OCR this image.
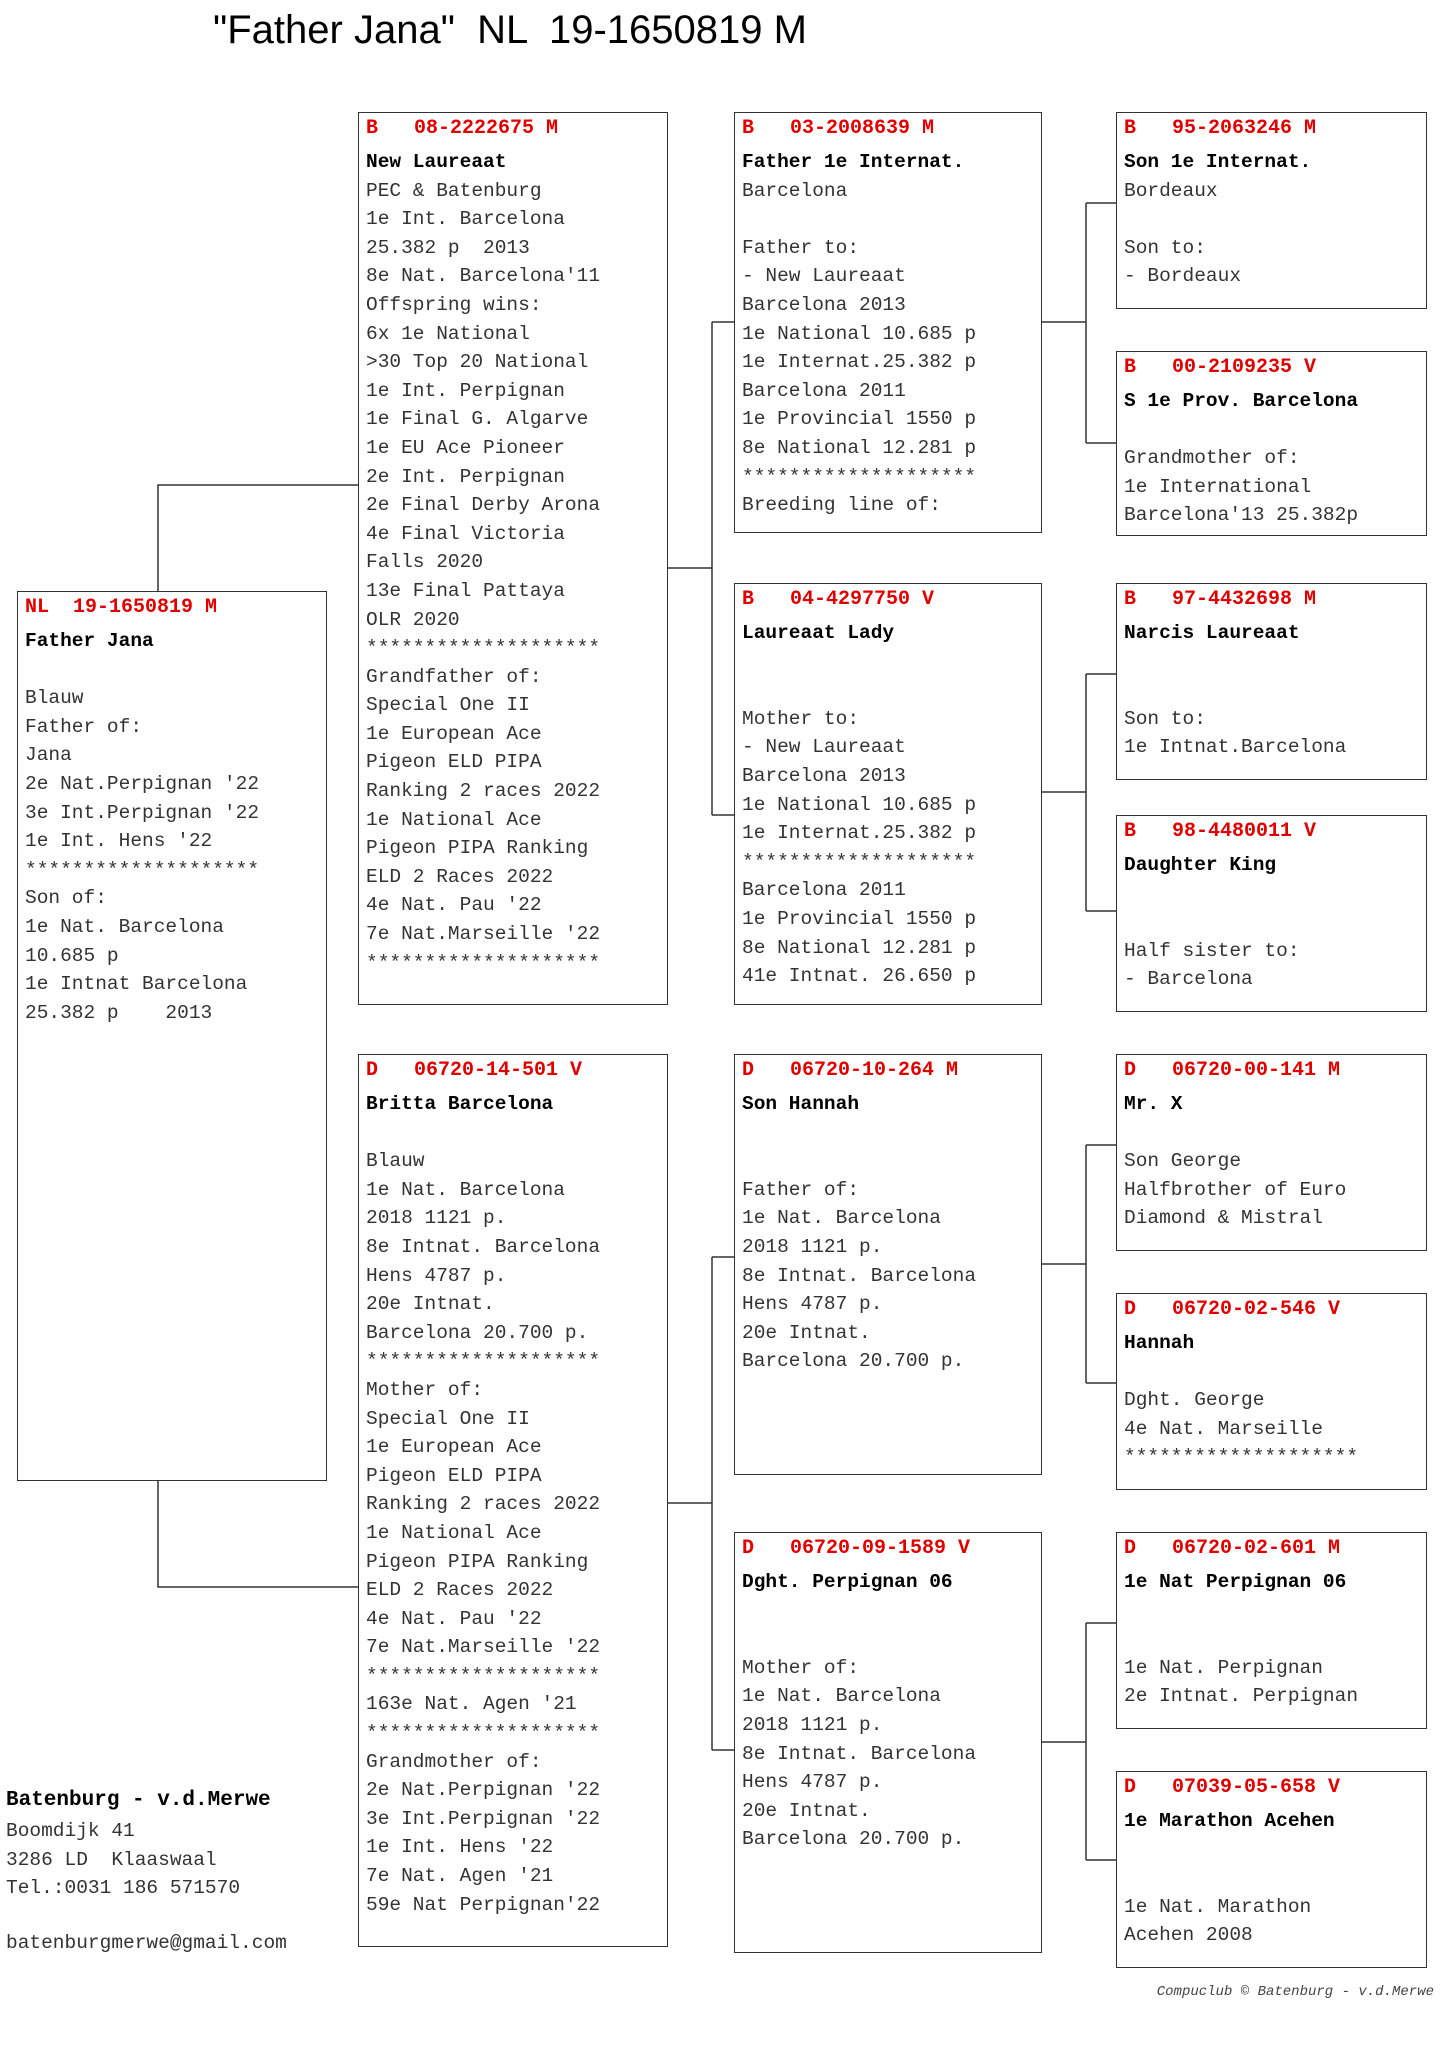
"Father Jana"  NL  19-1650819 M
NL  19-1650819 M
Father Jana
Blauw
Father of:
Jana
2e Nat.Perpignan '22
3e Int.Perpignan '22
1e Int. Hens '22
********************
Son of:
1e Nat. Barcelona
10.685 p
1e Intnat Barcelona
25.382 p    2013
B   08-2222675 M
New Laureaat
PEC & Batenburg
1e Int. Barcelona
25.382 p  2013
8e Nat. Barcelona'11
Offspring wins:
6x 1e National
>30 Top 20 National
1e Int. Perpignan
1e Final G. Algarve
1e EU Ace Pioneer
2e Int. Perpignan
2e Final Derby Arona
4e Final Victoria
Falls 2020
13e Final Pattaya
OLR 2020
********************
Grandfather of:
Special One II
1e European Ace
Pigeon ELD PIPA
Ranking 2 races 2022
1e National Ace
Pigeon PIPA Ranking
ELD 2 Races 2022
4e Nat. Pau '22
7e Nat.Marseille '22
********************
D   06720-14-501 V
Britta Barcelona
Blauw
1e Nat. Barcelona
2018 1121 p.
8e Intnat. Barcelona
Hens 4787 p.
20e Intnat.
Barcelona 20.700 p.
********************
Mother of:
Special One II
1e European Ace
Pigeon ELD PIPA
Ranking 2 races 2022
1e National Ace
Pigeon PIPA Ranking
ELD 2 Races 2022
4e Nat. Pau '22
7e Nat.Marseille '22
********************
163e Nat. Agen '21
********************
Grandmother of:
2e Nat.Perpignan '22
3e Int.Perpignan '22
1e Int. Hens '22
7e Nat. Agen '21
59e Nat Perpignan'22
B   03-2008639 M
Father 1e Internat.
Barcelona
Father to:
- New Laureaat
Barcelona 2013
1e National 10.685 p
1e Internat.25.382 p
Barcelona 2011
1e Provincial 1550 p
8e National 12.281 p
********************
Breeding line of:
B   04-4297750 V
Laureaat Lady
Mother to:
- New Laureaat
Barcelona 2013
1e National 10.685 p
1e Internat.25.382 p
********************
Barcelona 2011
1e Provincial 1550 p
8e National 12.281 p
41e Intnat. 26.650 p
D   06720-10-264 M
Son Hannah
Father of:
1e Nat. Barcelona
2018 1121 p.
8e Intnat. Barcelona
Hens 4787 p.
20e Intnat.
Barcelona 20.700 p.
D   06720-09-1589 V
Dght. Perpignan 06
Mother of:
1e Nat. Barcelona
2018 1121 p.
8e Intnat. Barcelona
Hens 4787 p.
20e Intnat.
Barcelona 20.700 p.
B   95-2063246 M
Son 1e Internat.
Bordeaux
Son to:
- Bordeaux
B   00-2109235 V
S 1e Prov. Barcelona
Grandmother of:
1e International
Barcelona'13 25.382p
B   97-4432698 M
Narcis Laureaat
Son to:
1e Intnat.Barcelona
B   98-4480011 V
Daughter King
Half sister to:
- Barcelona
D   06720-00-141 M
Mr. X
Son George
Halfbrother of Euro
Diamond & Mistral
D   06720-02-546 V
Hannah
Dght. George
4e Nat. Marseille
********************
D   06720-02-601 M
1e Nat Perpignan 06
1e Nat. Perpignan
2e Intnat. Perpignan
D   07039-05-658 V
1e Marathon Acehen
1e Nat. Marathon
Acehen 2008
Batenburg - v.d.Merwe
Boomdijk 41
3286 LD  Klaaswaal
Tel.:0031 186 571570
batenburgmerwe@gmail.com
Compuclub © Batenburg - v.d.Merwe
